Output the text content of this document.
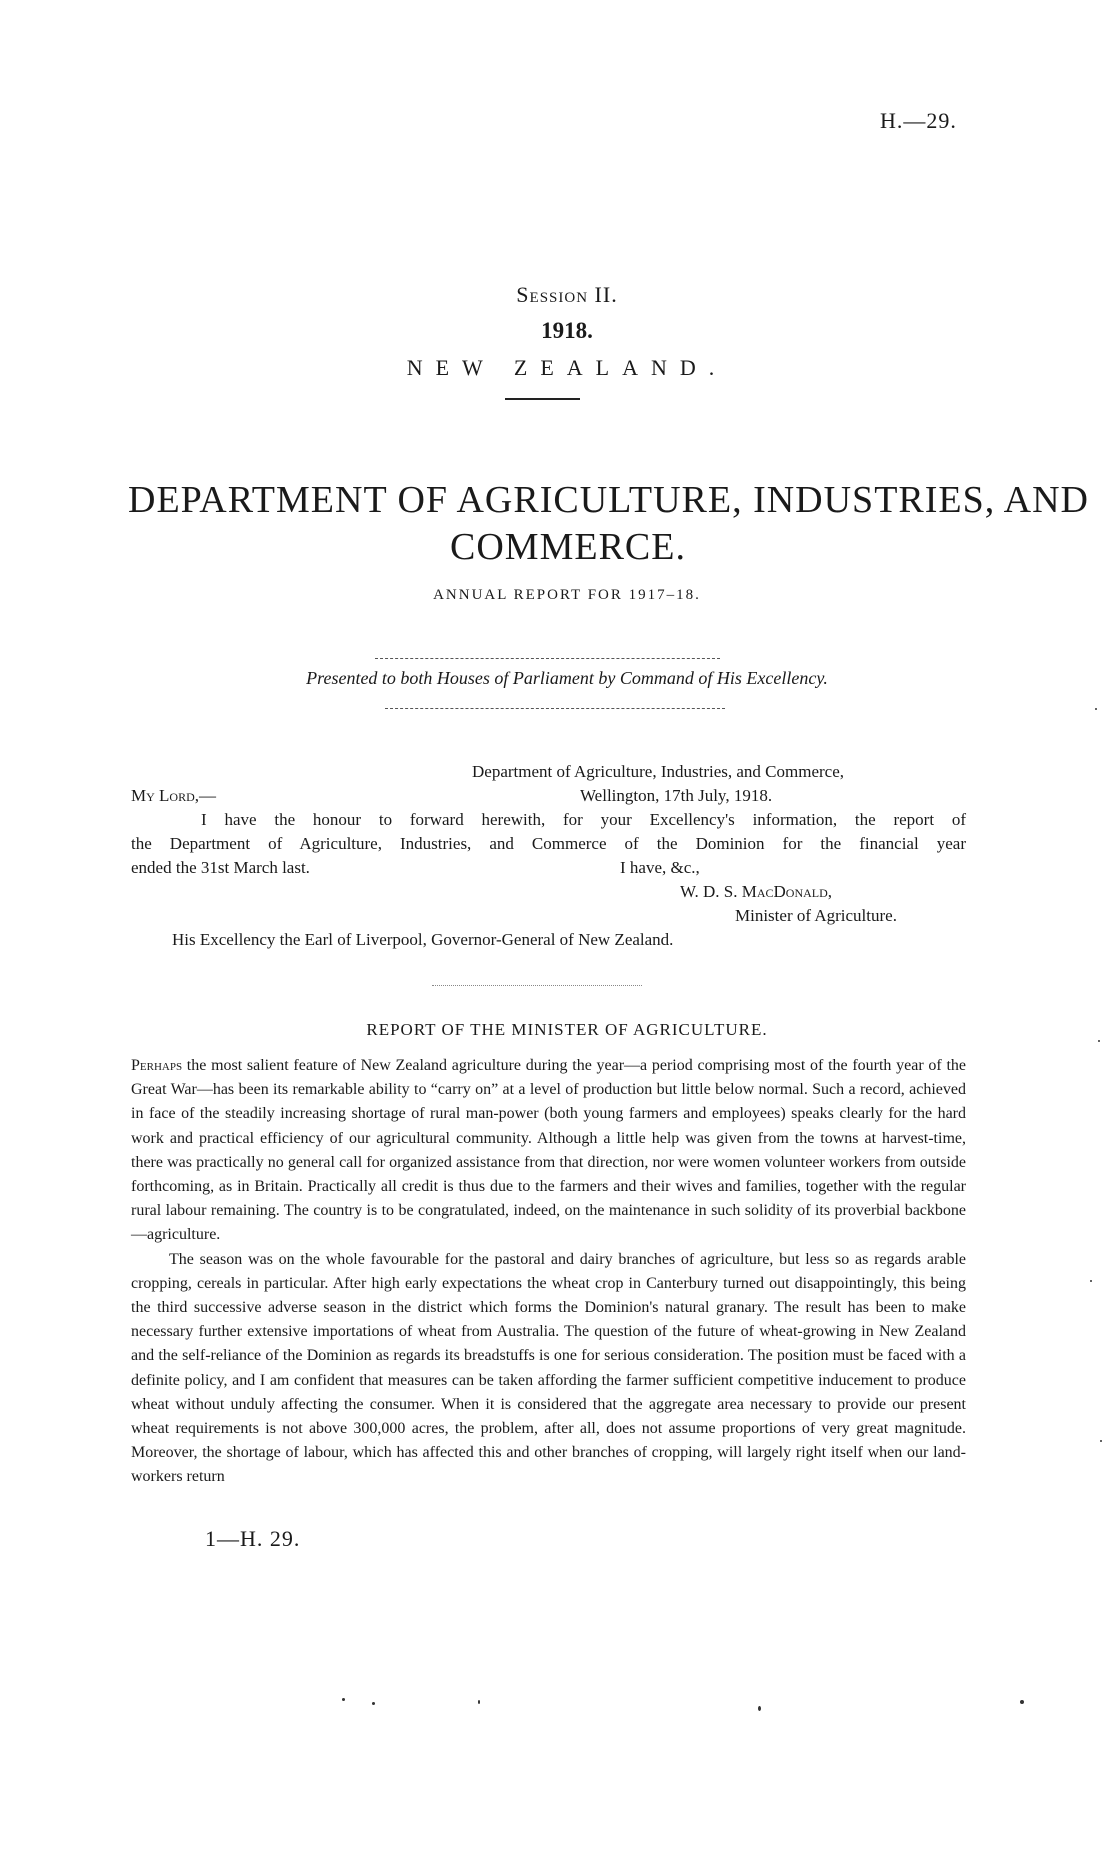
H.—29.
Session II.
1918.
NEW ZEALAND.
DEPARTMENT OF AGRICULTURE, INDUSTRIES, AND
COMMERCE.
ANNUAL REPORT FOR 1917–18.
Presented to both Houses of Parliament by Command of His Excellency.
Department of Agriculture, Industries, and Commerce,
My Lord,—	Wellington, 17th July, 1918.
I have the honour to forward herewith, for your Excellency's information, the report of
the Department of Agriculture, Industries, and Commerce of the Dominion for the financial year
ended the 31st March last.	I have, &c.,
W. D. S. MacDonald,
Minister of Agriculture.
His Excellency the Earl of Liverpool, Governor-General of New Zealand.
REPORT OF THE MINISTER OF AGRICULTURE.

Perhaps the most salient feature of New Zealand agriculture during the year—a period comprising most of the fourth year of the Great War—has been its remarkable ability to “carry on” at a level of production but little below normal. Such a record, achieved in face of the steadily increasing shortage of rural man-power (both young farmers and employees) speaks clearly for the hard work and practical efficiency of our agricultural community. Although a little help was given from the towns at harvest-time, there was practically no general call for organized assistance from that direction, nor were women volunteer workers from outside forthcoming, as in Britain. Practically all credit is thus due to the farmers and their wives and families, together with the regular rural labour remaining. The country is to be congratulated, indeed, on the maintenance in such solidity of its proverbial backbone—agriculture.

The season was on the whole favourable for the pastoral and dairy branches of agriculture, but less so as regards arable cropping, cereals in particular. After high early expectations the wheat crop in Canterbury turned out disappointingly, this being the third successive adverse season in the district which forms the Dominion's natural granary. The result has been to make necessary further extensive importations of wheat from Australia. The question of the future of wheat-growing in New Zealand and the self-reliance of the Dominion as regards its breadstuffs is one for serious consideration. The position must be faced with a definite policy, and I am confident that measures can be taken affording the farmer sufficient competitive inducement to produce wheat without unduly affecting the consumer. When it is considered that the aggregate area necessary to provide our present wheat requirements is not above 300,000 acres, the problem, after all, does not assume proportions of very great magnitude. Moreover, the shortage of labour, which has affected this and other branches of cropping, will largely right itself when our land-workers return

1—H. 29.
